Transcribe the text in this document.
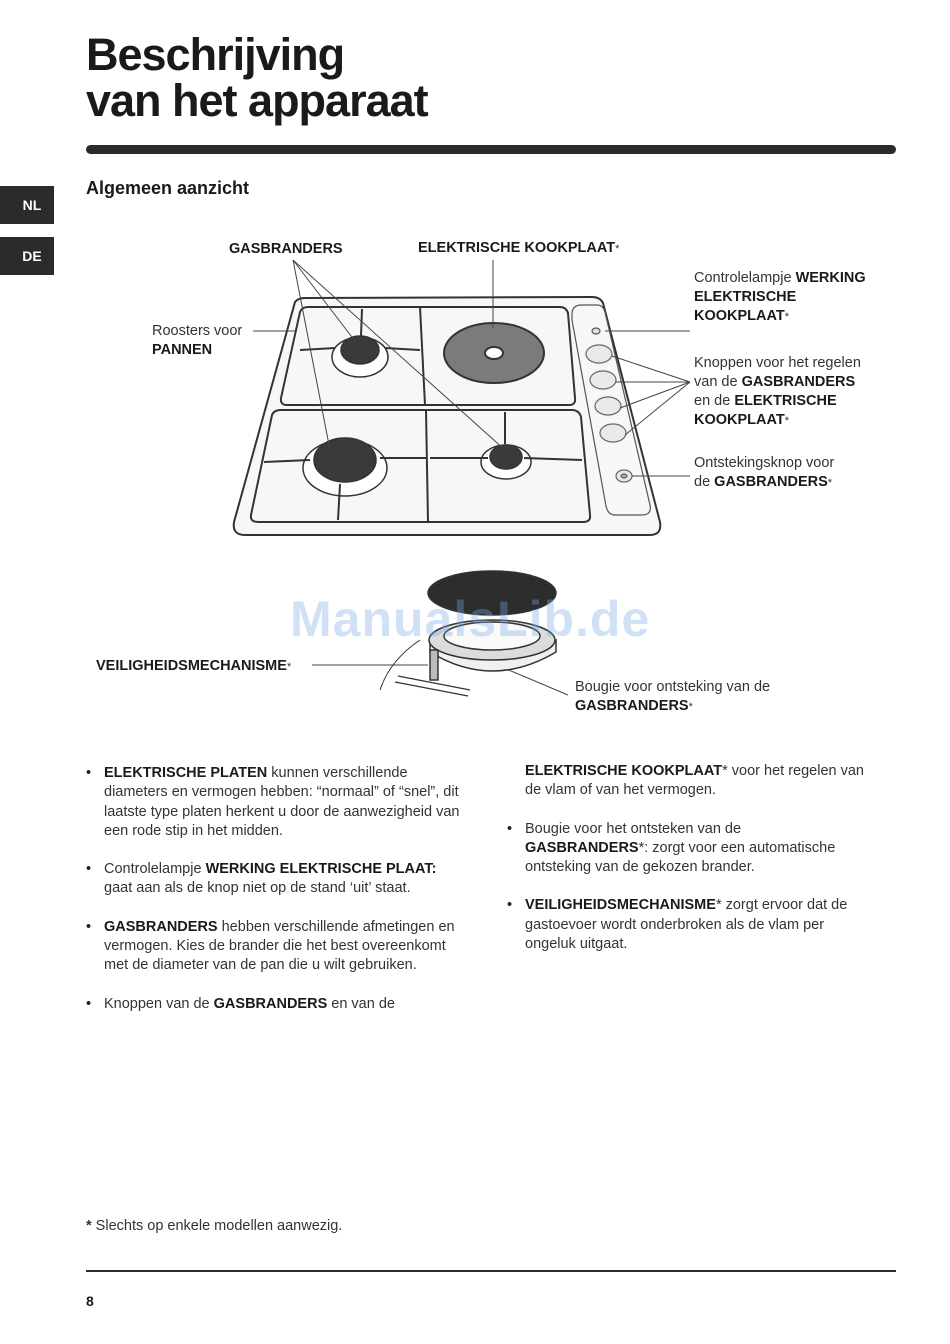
Beschrijving
van het apparaat
Algemeen aanzicht
NL
DE
ManualsLib.de
GASBRANDERS	ELEKTRISCHE KOOKPLAAT*
Roosters voor
PANNEN
Controlelampje WERKING
ELEKTRISCHE
KOOKPLAAT*
Knoppen voor het regelen
van de GASBRANDERS
en de ELEKTRISCHE
KOOKPLAAT*
Ontstekingsknop voor
de GASBRANDERS*
VEILIGHEIDSMECHANISME*
Bougie voor ontsteking van de
GASBRANDERS*

• ELEKTRISCHE PLATEN kunnen verschillende diameters en vermogen hebben: “normaal” of “snel”, dit laatste type platen herkent u door de aanwezigheid van een rode stip in het midden.

• Controlelampje WERKING ELEKTRISCHE PLAAT: gaat aan als de knop niet op de stand ‘uit’ staat.

• GASBRANDERS hebben verschillende afmetingen en vermogen. Kies de brander die het best overeenkomt met de diameter van de pan die u wilt gebruiken.

• Knoppen van de GASBRANDERS en van de

ELEKTRISCHE KOOKPLAAT* voor het regelen van de vlam of van het vermogen.

• Bougie voor het ontsteken van de GASBRANDERS*: zorgt voor een automatische ontsteking van de gekozen brander.

• VEILIGHEIDSMECHANISME* zorgt ervoor dat de gastoevoer wordt onderbroken als de vlam per ongeluk uitgaat.

* Slechts op enkele modellen aanwezig.
8
